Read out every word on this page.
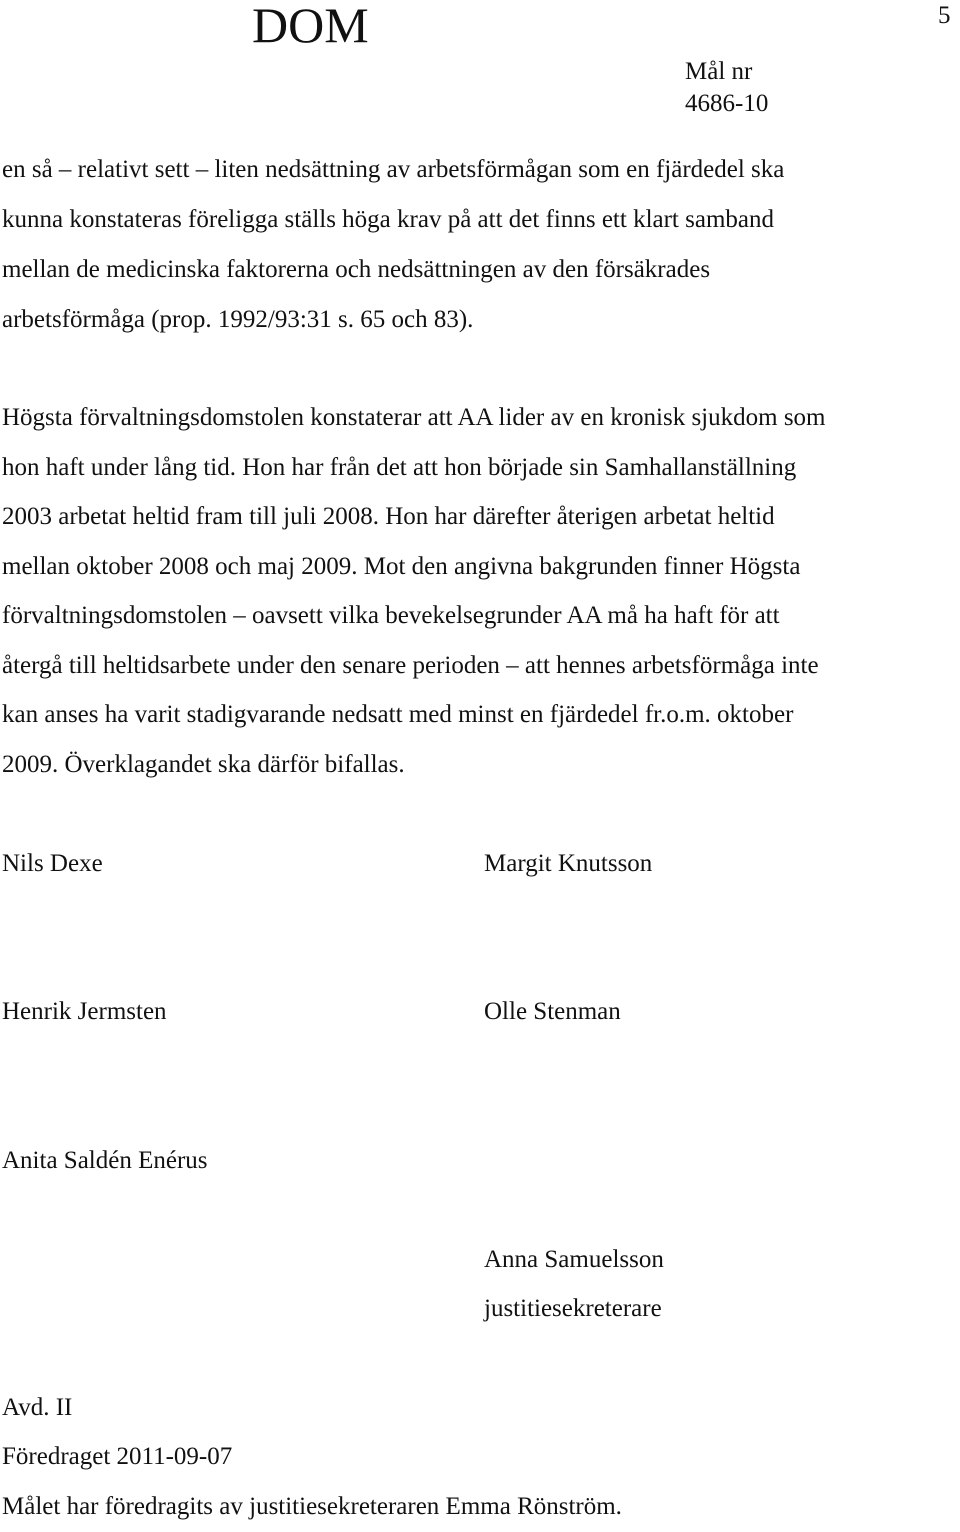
DOM	5
Mål nr
4686-10
en så – relativt sett – liten nedsättning av arbetsförmågan som en fjärdedel ska
kunna konstateras föreligga ställs höga krav på att det finns ett klart samband
mellan de medicinska faktorerna och nedsättningen av den försäkrades
arbetsförmåga (prop. 1992/93:31 s. 65 och 83).
Högsta förvaltningsdomstolen konstaterar att AA lider av en kronisk sjukdom som
hon haft under lång tid. Hon har från det att hon började sin Samhallanställning
2003 arbetat heltid fram till juli 2008. Hon har därefter återigen arbetat heltid
mellan oktober 2008 och maj 2009. Mot den angivna bakgrunden finner Högsta
förvaltningsdomstolen – oavsett vilka bevekelsegrunder AA må ha haft för att
återgå till heltidsarbete under den senare perioden – att hennes arbetsförmåga inte
kan anses ha varit stadigvarande nedsatt med minst en fjärdedel fr.o.m. oktober
2009. Överklagandet ska därför bifallas.
Nils Dexe	Margit Knutsson
Henrik Jermsten	Olle Stenman
Anita Saldén Enérus
Anna Samuelsson
justitiesekreterare
Avd. II
Föredraget 2011-09-07
Målet har föredragits av justitiesekreteraren Emma Rönström.
